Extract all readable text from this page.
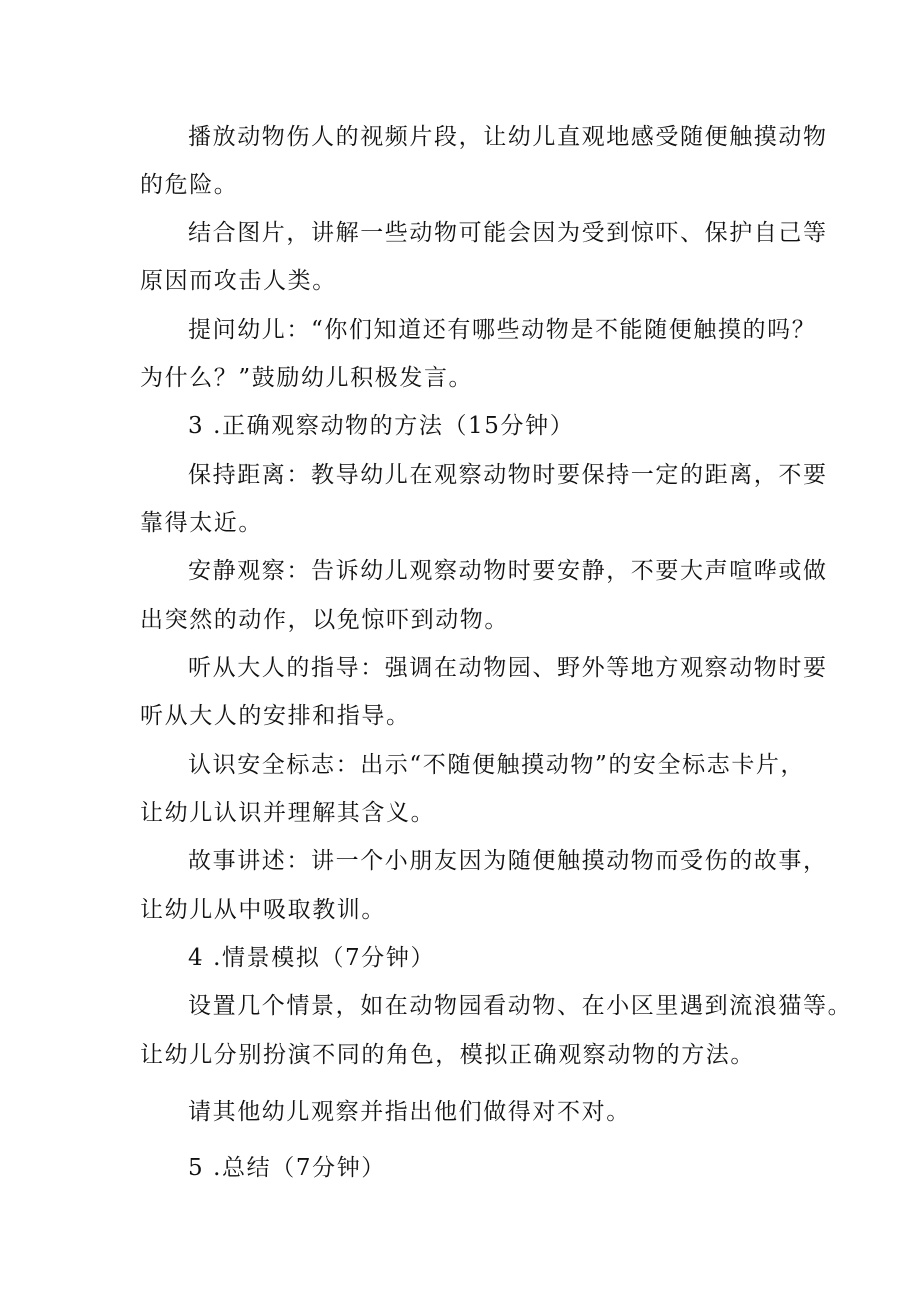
播放动物伤人的视频片段，让幼儿直观地感受随便触摸动物
的危险。
结合图片，讲解一些动物可能会因为受到惊吓、保护自己等
原因而攻击人类。
提问幼儿：“你们知道还有哪些动物是不能随便触摸的吗？
为什么？”鼓励幼儿积极发言。
3 .正确观察动物的方法（15分钟）
保持距离：教导幼儿在观察动物时要保持一定的距离，不要
靠得太近。
安静观察：告诉幼儿观察动物时要安静，不要大声喧哗或做
出突然的动作，以免惊吓到动物。
听从大人的指导：强调在动物园、野外等地方观察动物时要
听从大人的安排和指导。
认识安全标志：出示“不随便触摸动物”的安全标志卡片，
让幼儿认识并理解其含义。
故事讲述：讲一个小朋友因为随便触摸动物而受伤的故事，
让幼儿从中吸取教训。
4 .情景模拟（7分钟）
设置几个情景，如在动物园看动物、在小区里遇到流浪猫等。
让幼儿分别扮演不同的角色，模拟正确观察动物的方法。
请其他幼儿观察并指出他们做得对不对。
5 .总结（7分钟）
